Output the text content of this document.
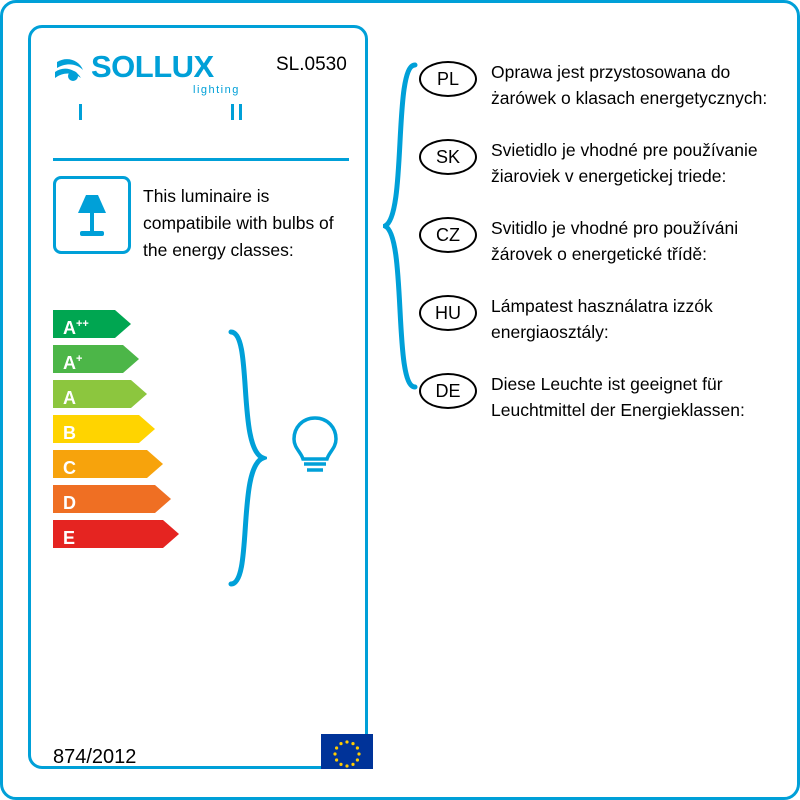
SOLLUX
lighting
SL.0530
This luminaire is compatibile with bulbs of the energy classes:
A++
A+
A
B
C
D
E
874/2012
PL	Oprawa jest przystosowana do żarówek o klasach energetycznych:
SK	Svietidlo je vhodné pre používanie žiaroviek v energetickej triede:
CZ	Svitidlo je vhodné pro používáni žárovek o energetické třídě:
HU	Lámpatest használatra izzók energiaosztály:
DE	Diese Leuchte ist geeignet für Leuchtmittel der Energieklassen:
